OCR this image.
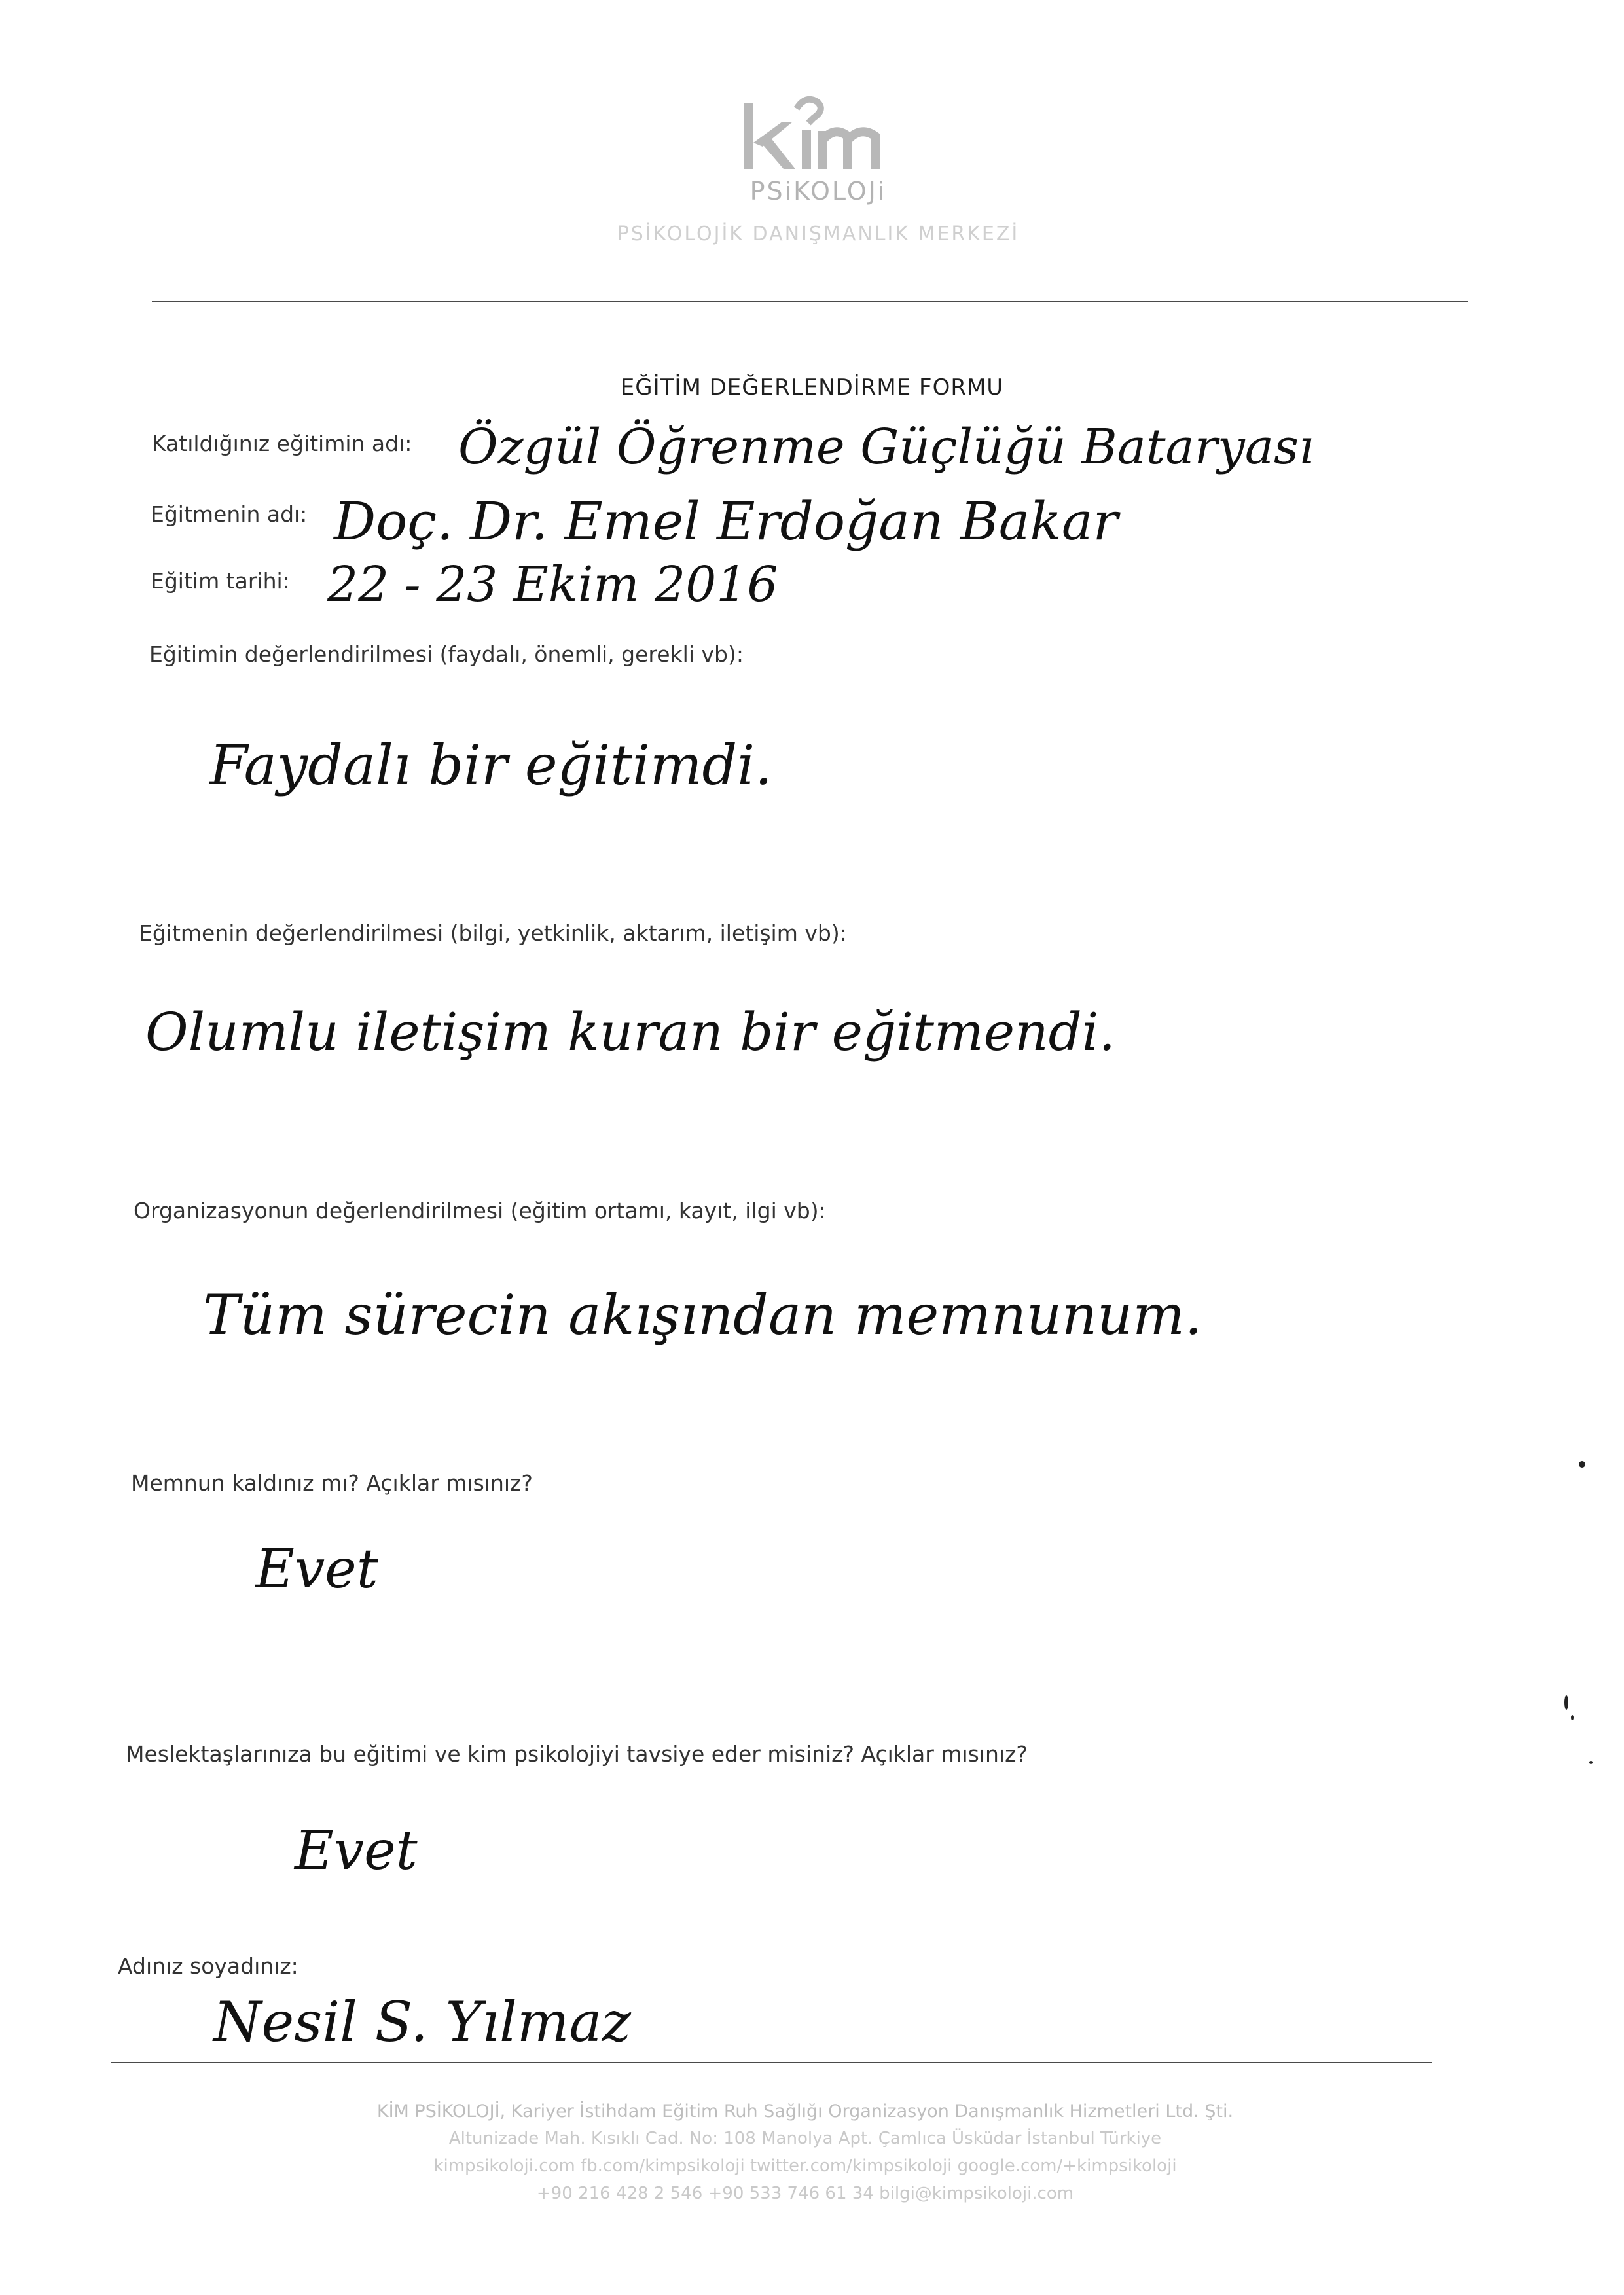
PSiKOLOJi
PSİKOLOJİK DANIŞMANLIK MERKEZİ
EĞİTİM DEĞERLENDİRME FORMU
Katıldığınız eğitimin adı: Özgül Öğrenme Güçlüğü Bataryası
Eğitmenin adı: Doç. Dr. Emel Erdoğan Bakar
Eğitim tarihi: 22 - 23 Ekim 2016
Eğitimin değerlendirilmesi (faydalı, önemli, gerekli vb):
Faydalı bir eğitimdi.
Eğitmenin değerlendirilmesi (bilgi, yetkinlik, aktarım, iletişim vb):
Olumlu iletişim kuran bir eğitmendi.
Organizasyonun değerlendirilmesi (eğitim ortamı, kayıt, ilgi vb):
Tüm sürecin akışından memnunum.
Memnun kaldınız mı? Açıklar mısınız?
Evet
Meslektaşlarınıza bu eğitimi ve kim psikolojiyi tavsiye eder misiniz? Açıklar mısınız?
Evet
Adınız soyadınız:
Nesil S. Yılmaz
KİM PSİKOLOJİ, Kariyer İstihdam Eğitim Ruh Sağlığı Organizasyon Danışmanlık Hizmetleri Ltd. Şti.
Altunizade Mah. Kısıklı Cad. No: 108 Manolya Apt. Çamlıca Üsküdar İstanbul Türkiye
kimpsikoloji.com fb.com/kimpsikoloji twitter.com/kimpsikoloji google.com/+kimpsikoloji
+90 216 428 2 546 +90 533 746 61 34 bilgi@kimpsikoloji.com
